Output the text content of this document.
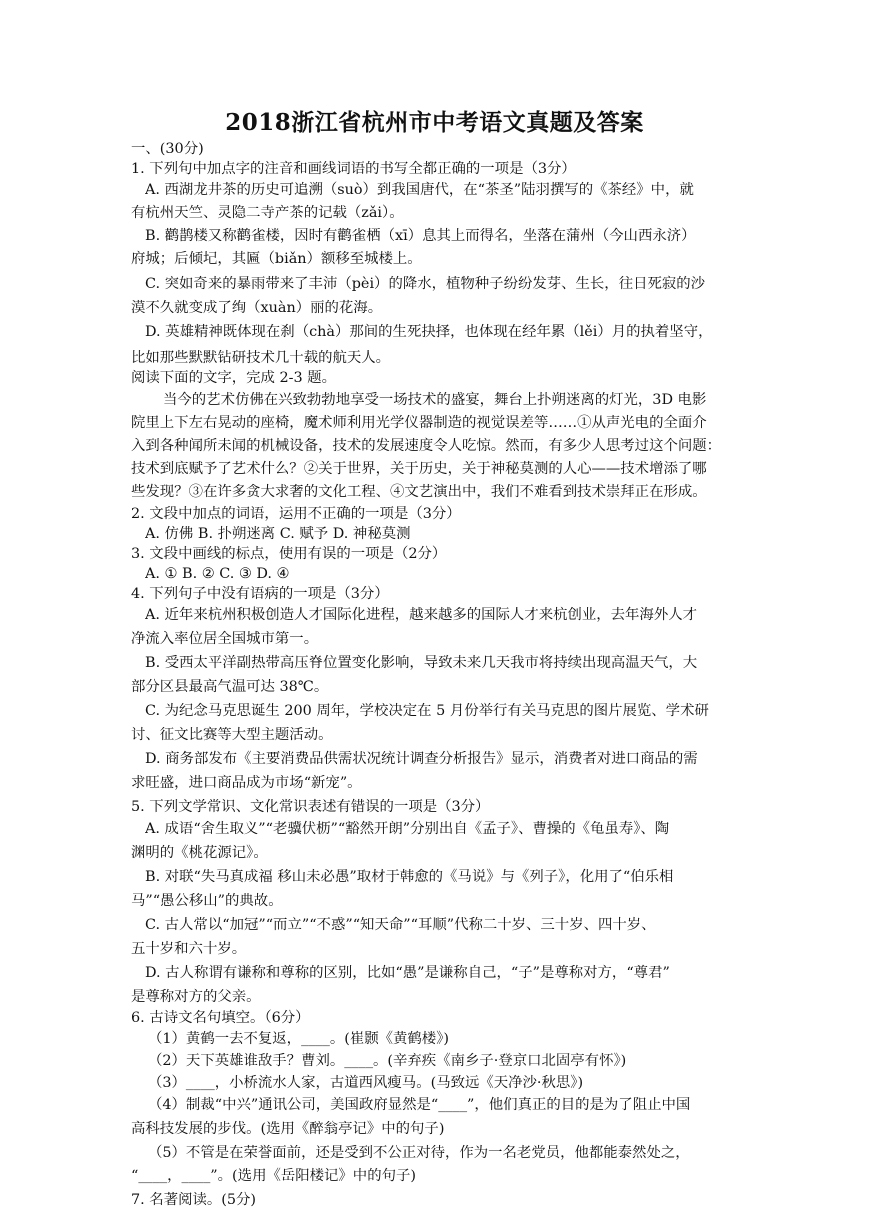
2018浙江省杭州市中考语文真题及答案
一、(30分)
1. 下列句中加点字的注音和画线词语的书写全都正确的一项是（3分）
A. 西湖龙井茶的历史可追溯（suò）到我国唐代，在“茶圣”陆羽撰写的《茶经》中，就
有杭州天竺、灵隐二寺产茶的记载（zǎi）。
B. 鹳鹊楼又称鹳雀楼，因时有鹳雀栖（xī）息其上而得名，坐落在蒲州（今山西永济）
府城；后倾圮，其匾（biǎn）额移至城楼上。
C. 突如奇来的暴雨带来了丰沛（pèi）的降水，植物种子纷纷发芽、生长，往日死寂的沙
漠不久就变成了绚（xuàn）丽的花海。
D. 英雄精神既体现在刹（chà）那间的生死抉择，也体现在经年累（lěi）月的执着坚守，
比如那些默默钻研技术几十载的航天人。
阅读下面的文字，完成 2-3 题。
当今的艺术仿佛在兴致勃勃地享受一场技术的盛宴，舞台上扑朔迷离的灯光，3D 电影
院里上下左右晃动的座椅，魔术师利用光学仪器制造的视觉误差等……①从声光电的全面介
入到各种闻所未闻的机械设备，技术的发展速度令人吃惊。然而，有多少人思考过这个问题：
技术到底赋予了艺术什么？②关于世界，关于历史，关于神秘莫测的人心——技术增添了哪
些发现？③在许多贪大求奢的文化工程、④文艺演出中，我们不难看到技术崇拜正在形成。
2. 文段中加点的词语，运用不正确的一项是（3分）
A. 仿佛 B. 扑朔迷离 C. 赋予 D. 神秘莫测
3. 文段中画线的标点，使用有误的一项是（2分）
A. ① B. ② C. ③ D. ④
4. 下列句子中没有语病的一项是（3分）
A. 近年来杭州积极创造人才国际化进程，越来越多的国际人才来杭创业，去年海外人才
净流入率位居全国城市第一。
B. 受西太平洋副热带高压脊位置变化影响，导致未来几天我市将持续出现高温天气，大
部分区县最高气温可达 38℃。
C. 为纪念马克思诞生 200 周年，学校决定在 5 月份举行有关马克思的图片展览、学术研
讨、征文比赛等大型主题活动。
D. 商务部发布《主要消费品供需状况统计调查分析报告》显示，消费者对进口商品的需
求旺盛，进口商品成为市场“新宠”。
5. 下列文学常识、文化常识表述有错误的一项是（3分）
A. 成语“舍生取义”“老骥伏枥”“豁然开朗”分别出自《孟子》、曹操的《龟虽寿》、陶
渊明的《桃花源记》。
B. 对联“失马真成福 移山未必愚”取材于韩愈的《马说》与《列子》，化用了“伯乐相
马”“愚公移山”的典故。
C. 古人常以“加冠”“而立”“不惑”“知天命”“耳顺”代称二十岁、三十岁、四十岁、
五十岁和六十岁。
D. 古人称谓有谦称和尊称的区别，比如“愚”是谦称自己，“子”是尊称对方，“尊君”
是尊称对方的父亲。
6. 古诗文名句填空。（6分）
（1）黄鹤一去不复返，____。(崔颢《黄鹤楼》)
（2）天下英雄谁敌手？曹刘。____。(辛弃疾《南乡子·登京口北固亭有怀》)
（3）____，小桥流水人家，古道西风瘦马。(马致远《天净沙·秋思》)
（4）制裁“中兴”通讯公司，美国政府显然是“____”，他们真正的目的是为了阻止中国
高科技发展的步伐。(选用《醉翁亭记》中的句子)
（5）不管是在荣誉面前，还是受到不公正对待，作为一名老党员，他都能泰然处之，
“____，____”。(选用《岳阳楼记》中的句子)
7. 名著阅读。(5分)
